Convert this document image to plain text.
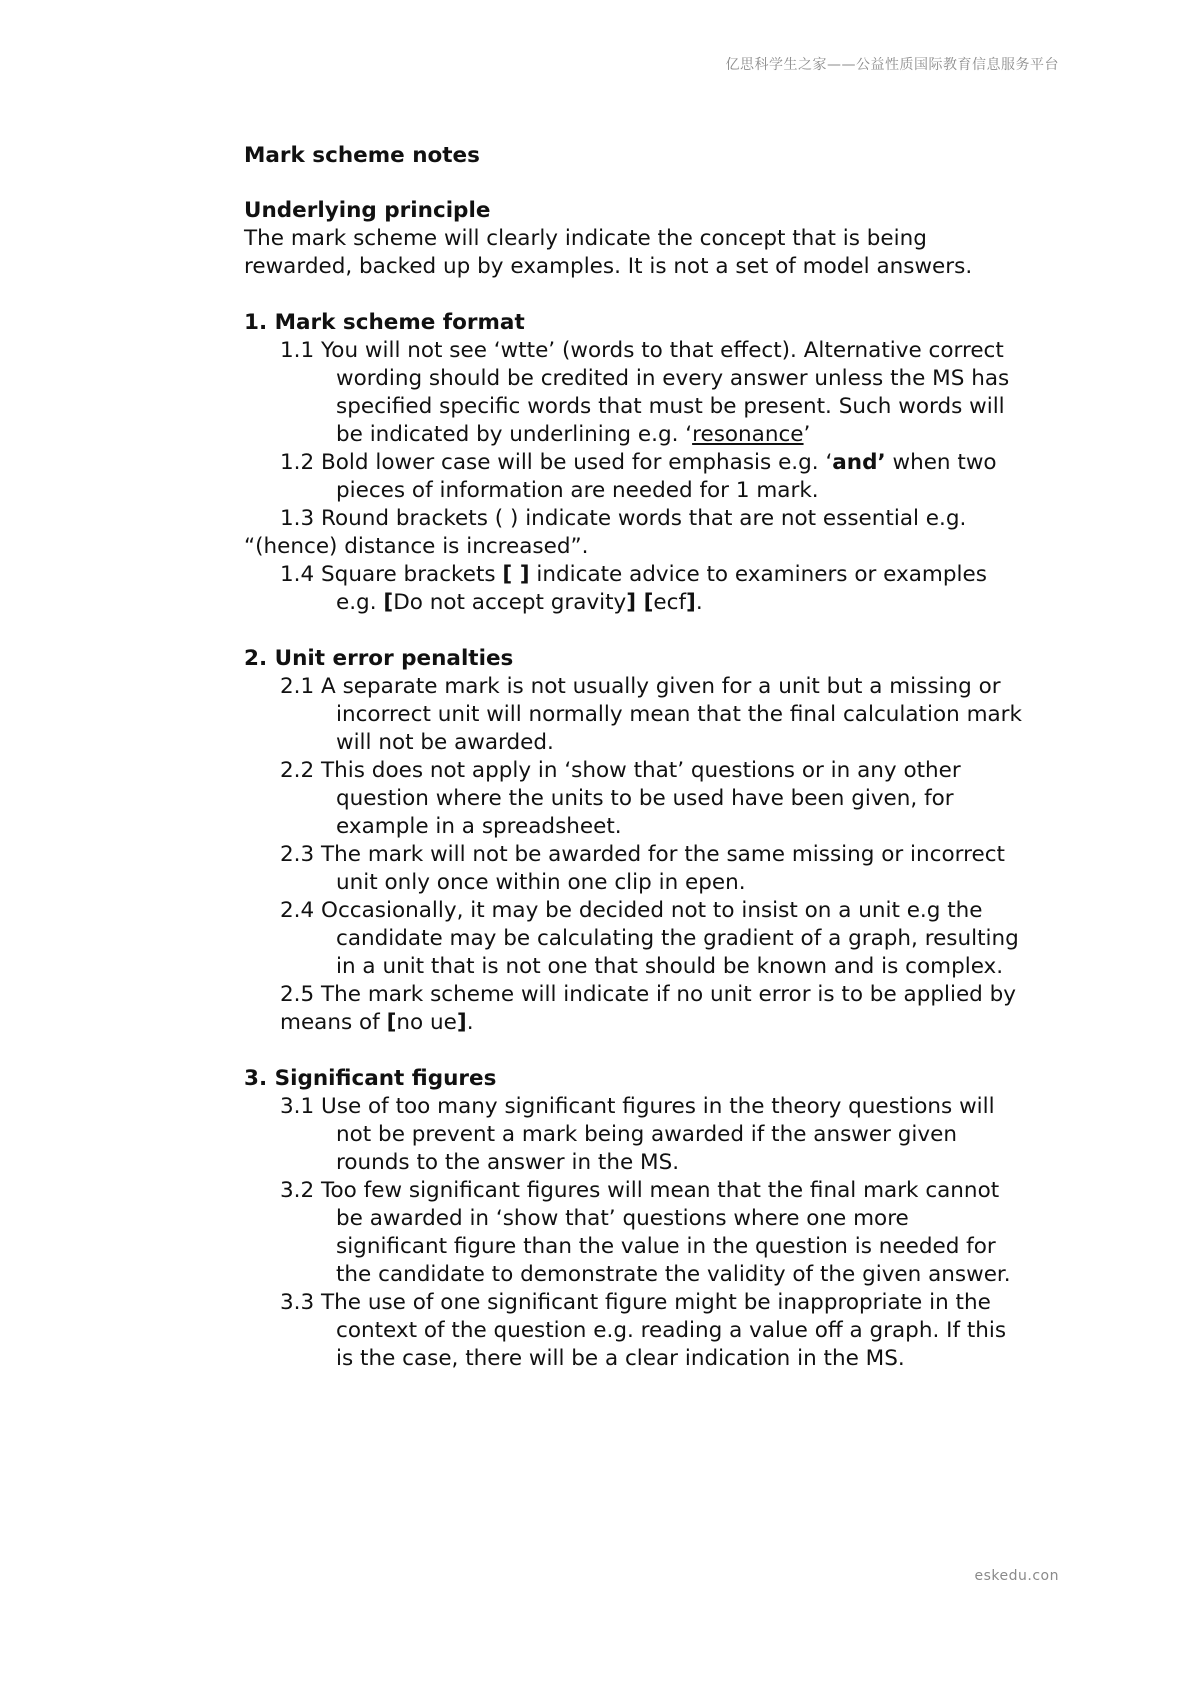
亿思科学生之家——公益性质国际教育信息服务平台

Mark scheme notes

Underlying principle

The mark scheme will clearly indicate the concept that is being rewarded, backed up by examples. It is not a set of model answers.

1. Mark scheme format

1.1 You will not see ‘wtte’ (words to that effect). Alternative correct wording should be credited in every answer unless the MS has specified specific words that must be present. Such words will be indicated by underlining e.g. ‘resonance’

1.2 Bold lower case will be used for emphasis e.g. ‘and’ when two pieces of information are needed for 1 mark.

1.3 Round brackets ( ) indicate words that are not essential e.g.

“(hence) distance is increased”.

1.4 Square brackets [ ] indicate advice to examiners or examples e.g. [Do not accept gravity] [ecf].

2. Unit error penalties

2.1 A separate mark is not usually given for a unit but a missing or incorrect unit will normally mean that the final calculation mark will not be awarded.

2.2 This does not apply in ‘show that’ questions or in any other question where the units to be used have been given, for example in a spreadsheet.

2.3 The mark will not be awarded for the same missing or incorrect unit only once within one clip in epen.

2.4 Occasionally, it may be decided not to insist on a unit e.g the candidate may be calculating the gradient of a graph, resulting in a unit that is not one that should be known and is complex.

2.5 The mark scheme will indicate if no unit error is to be applied by means of [no ue].

3. Significant figures

3.1 Use of too many significant figures in the theory questions will not be prevent a mark being awarded if the answer given rounds to the answer in the MS.

3.2 Too few significant figures will mean that the final mark cannot be awarded in ‘show that’ questions where one more significant figure than the value in the question is needed for the candidate to demonstrate the validity of the given answer.

3.3 The use of one significant figure might be inappropriate in the context of the question e.g. reading a value off a graph. If this is the case, there will be a clear indication in the MS.

eskedu.con
